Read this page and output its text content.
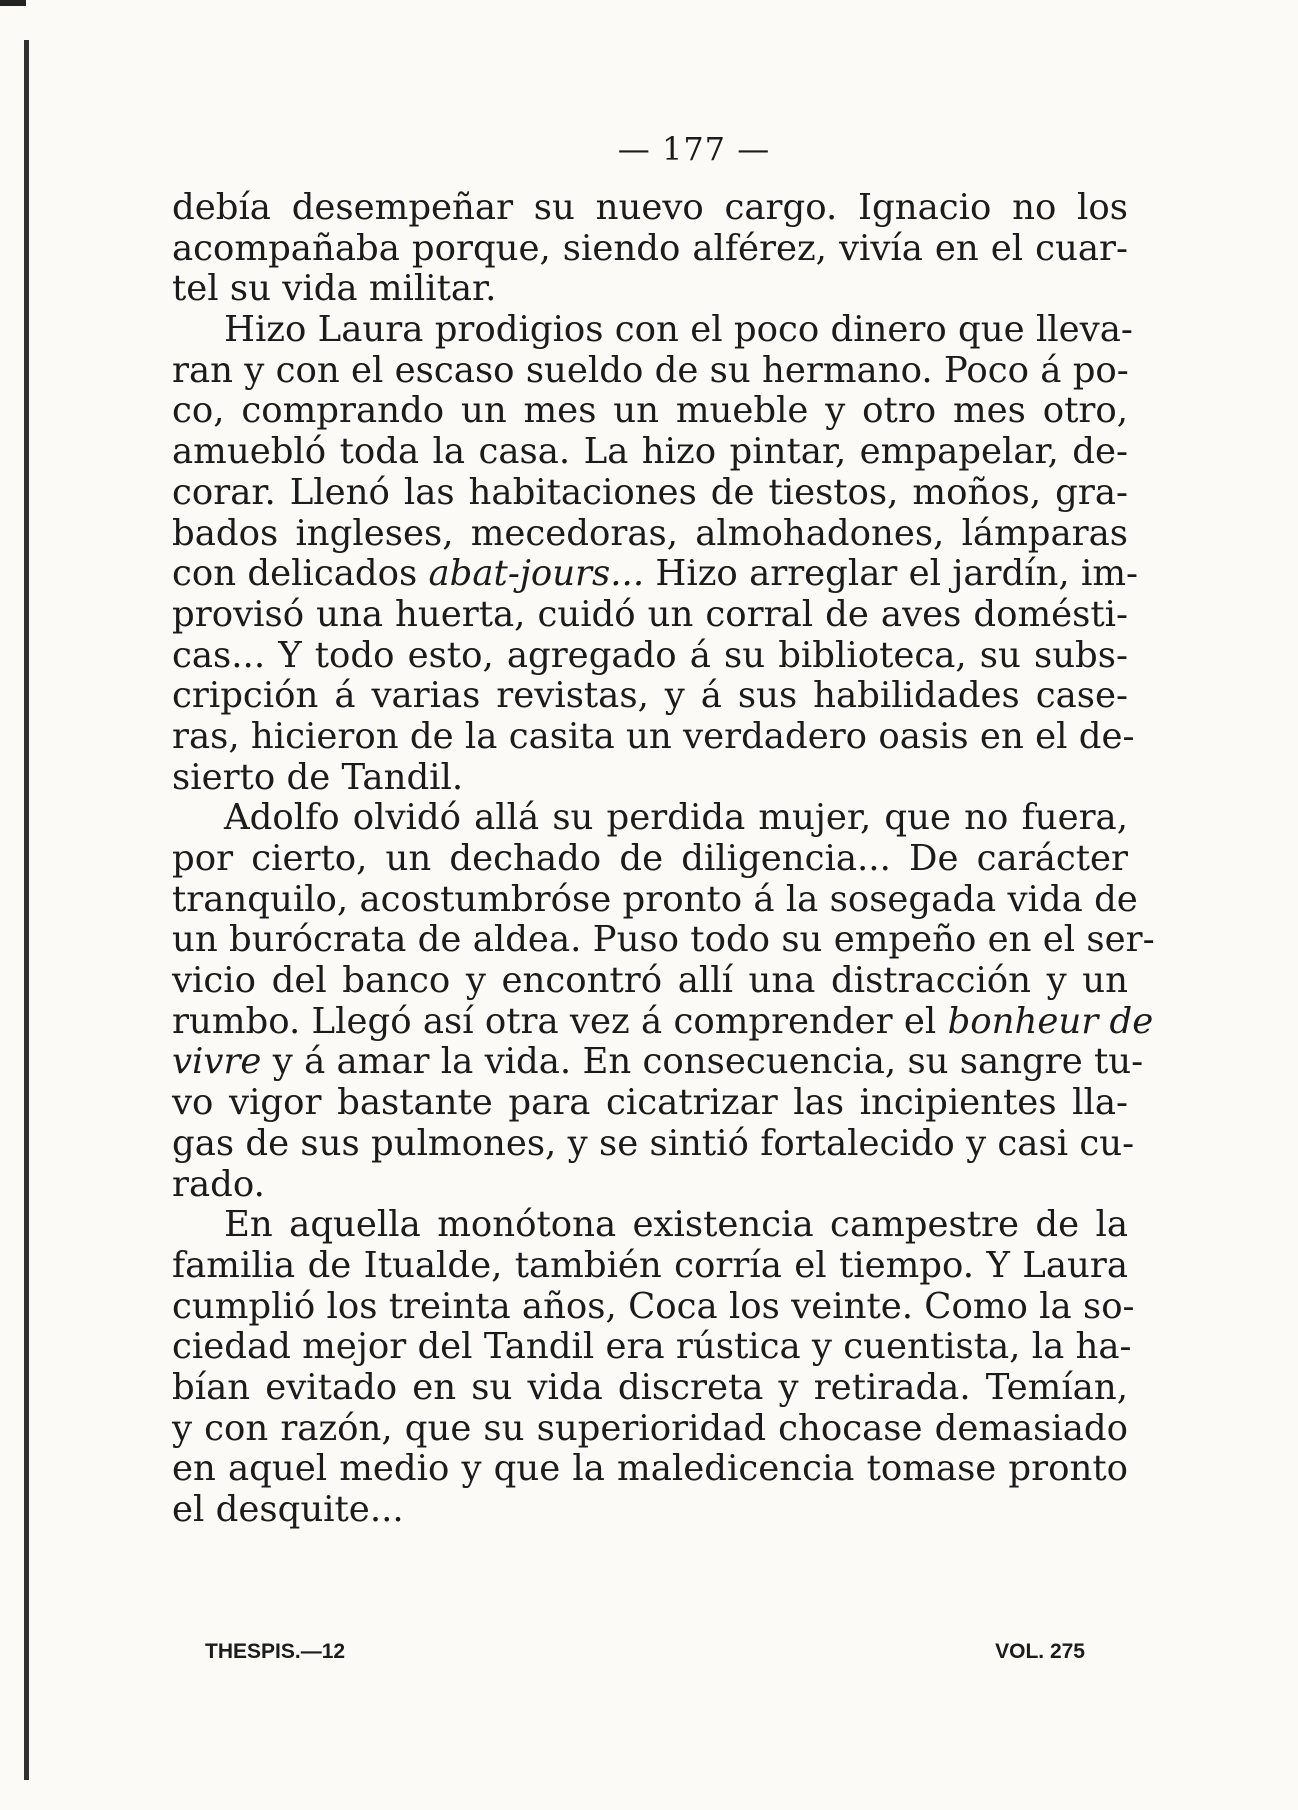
— 177 —
debía desempeñar su nuevo cargo. Ignacio no los
acompañaba porque, siendo alférez, vivía en el cuar-
tel su vida militar.
Hizo Laura prodigios con el poco dinero que lleva-
ran y con el escaso sueldo de su hermano. Poco á po-
co, comprando un mes un mueble y otro mes otro,
amuebló toda la casa. La hizo pintar, empapelar, de-
corar. Llenó las habitaciones de tiestos, moños, gra-
bados ingleses, mecedoras, almohadones, lámparas
con delicados abat-jours... Hizo arreglar el jardín, im-
provisó una huerta, cuidó un corral de aves domésti-
cas... Y todo esto, agregado á su biblioteca, su subs-
cripción á varias revistas, y á sus habilidades case-
ras, hicieron de la casita un verdadero oasis en el de-
sierto de Tandil.
Adolfo olvidó allá su perdida mujer, que no fuera,
por cierto, un dechado de diligencia... De carácter
tranquilo, acostumbróse pronto á la sosegada vida de
un burócrata de aldea. Puso todo su empeño en el ser-
vicio del banco y encontró allí una distracción y un
rumbo. Llegó así otra vez á comprender el bonheur de
vivre y á amar la vida. En consecuencia, su sangre tu-
vo vigor bastante para cicatrizar las incipientes lla-
gas de sus pulmones, y se sintió fortalecido y casi cu-
rado.
En aquella monótona existencia campestre de la
familia de Itualde, también corría el tiempo. Y Laura
cumplió los treinta años, Coca los veinte. Como la so-
ciedad mejor del Tandil era rústica y cuentista, la ha-
bían evitado en su vida discreta y retirada. Temían,
y con razón, que su superioridad chocase demasiado
en aquel medio y que la maledicencia tomase pronto
el desquite...
THESPIS.—12	VOL. 275
